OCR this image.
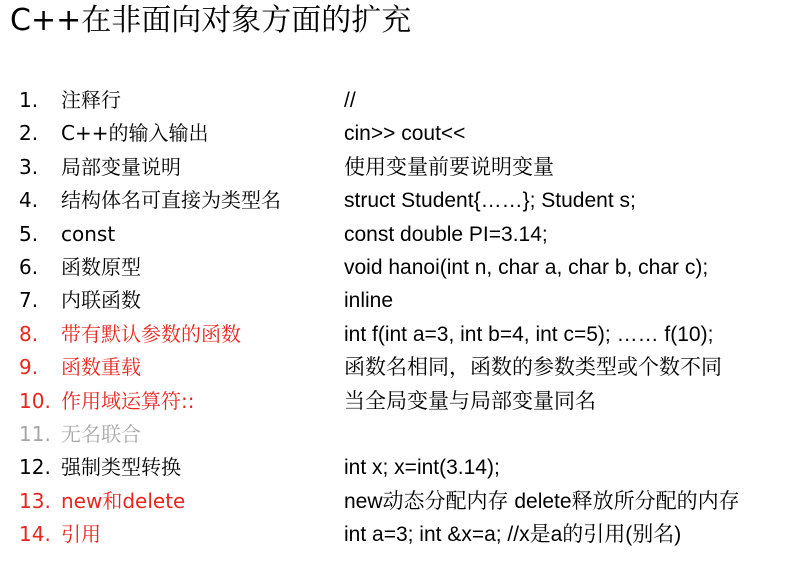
C++在非面向对象方面的扩充
1.	注释行	//
2.	C++的输入输出	cin>> cout<<
3.	局部变量说明	使用变量前要说明变量
4.	结构体名可直接为类型名	struct Student{……}; Student s;
5.	const	const double PI=3.14;
6.	函数原型	void hanoi(int n, char a, char b, char c);
7.	内联函数	inline
8.	带有默认参数的函数	int f(int a=3, int b=4, int c=5); …… f(10);
9.	函数重载	函数名相同，函数的参数类型或个数不同
10. 作用域运算符::	当全局变量与局部变量同名
11. 无名联合
12. 强制类型转换	int x; x=int(3.14);
13. new和delete	new动态分配内存 delete释放所分配的内存
14. 引用	int a=3; int &x=a; //x是a的引用(别名)
